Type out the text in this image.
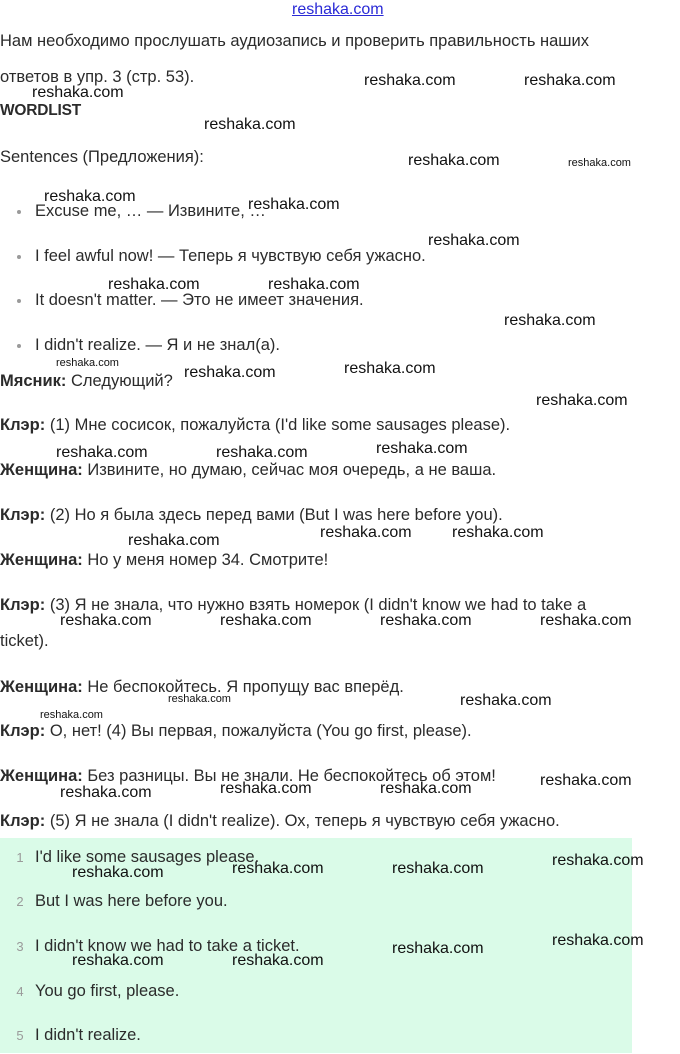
reshaka.com
Нам необходимо прослушать аудиозапись и проверить правильность наших
ответов в упр. 3 (стр. 53).
WORDLIST
Sentences (Предложения):
Excuse me, … — Извините, …
I feel awful now! — Теперь я чувствую себя ужасно.
It doesn't matter. — Это не имеет значения.
I didn't realize. — Я и не знал(а).
Мясник: Следующий?
Клэр: (1) Мне сосисок, пожалуйста (I'd like some sausages please).
Женщина: Извините, но думаю, сейчас моя очередь, а не ваша.
Клэр: (2) Но я была здесь перед вами (But I was here before you).
Женщина: Но у меня номер 34. Смотрите!
Клэр: (3) Я не знала, что нужно взять номерок (I didn't know we had to take a
ticket).
Женщина: Не беспокойтесь. Я пропущу вас вперёд.
Клэр: О, нет! (4) Вы первая, пожалуйста (You go first, please).
Женщина: Без разницы. Вы не знали. Не беспокойтесь об этом!
Клэр: (5) Я не знала (I didn't realize). Ох, теперь я чувствую себя ужасно.
1 I'd like some sausages please.
2 But I was here before you.
3 I didn't know we had to take a ticket.
4 You go first, please.
5 I didn't realize.
reshaka.com
reshaka.com	reshaka.com
reshaka.com
reshaka.com	reshaka.com
reshaka.com	reshaka.com
reshaka.com
reshaka.com	reshaka.com
reshaka.com
reshaka.com
reshaka.com	reshaka.com
reshaka.com
reshaka.com	reshaka.com	reshaka.com
reshaka.com	reshaka.com
reshaka.com
reshaka.com	reshaka.com	reshaka.com	reshaka.com
reshaka.com	reshaka.com
reshaka.com
reshaka.com
reshaka.com	reshaka.com	reshaka.com
reshaka.com
reshaka.com	reshaka.com	reshaka.com
reshaka.com
reshaka.com
reshaka.com	reshaka.com
